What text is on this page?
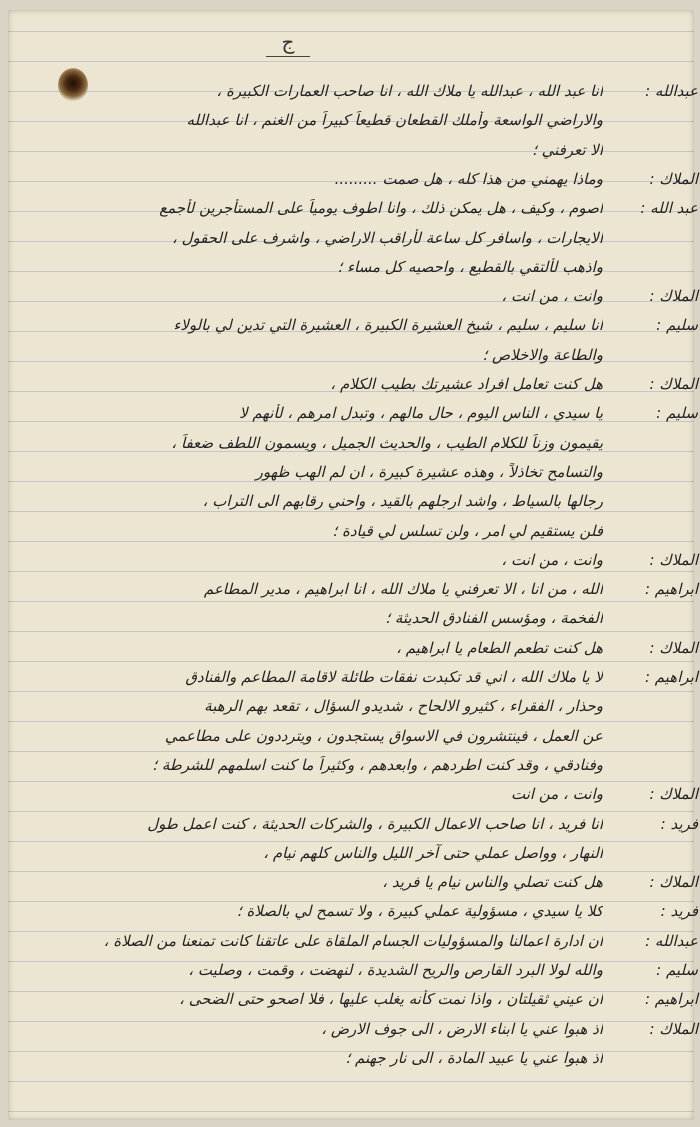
ج
عبدالله :
انا عبد الله ، عبدالله يا ملاك الله ، انا صاحب العمارات الكبيرة ،
والاراضي الواسعة وأملك القطعان قطيعاً كبيراً من الغنم ، انا عبدالله
الا تعرفني ؛
الملاك :
وماذا يهمني من هذا كله ، هل صمت .........
عبد الله :
اصوم ، وكيف ، هل يمكن ذلك ، وانا اطوف يومياً على المستأجرين لأجمع
الايجارات ، واسافر كل ساعة لأراقب الاراضي ، واشرف على الحقول ،
واذهب لألتقي بالقطيع ، واحصيه كل مساء ؛
الملاك :
وانت ، من انت ،
سليم :
انا سليم ، سليم ، شيخ العشيرة الكبيرة ، العشيرة التي تدين لي بالولاء
والطاعة والاخلاص ؛
الملاك :
هل كنت تعامل افراد عشيرتك بطيب الكلام ،
سليم :
يا سيدي ، الناس اليوم ، حال مالهم ، وتبدل امرهم ، لأنهم لا
يقيمون وزناً للكلام الطيب ، والحديث الجميل ، ويسمون اللطف ضعفاً ،
والتسامح تخاذلاً ، وهذه عشيرة كبيرة ، ان لم الهب ظهور
رجالها بالسياط ، واشد ارجلهم بالقيد ، واحني رقابهم الى التراب ،
فلن يستقيم لي امر ، ولن تسلس لي قيادة ؛
الملاك :
وانت ، من انت ،
ابراهيم :
الله ، من انا ، الا تعرفني يا ملاك الله ، انا ابراهيم ، مدير المطاعم
الفخمة ، ومؤسس الفنادق الحديثة ؛
الملاك :
هل كنت تطعم الطعام يا ابراهيم ،
ابراهيم :
لا يا ملاك الله ، اني قد تكبدت نفقات طائلة لاقامة المطاعم والفنادق
وحذار ، الفقراء ، كثيرو الالحاح ، شديدو السؤال ، تقعد بهم الرهبة
عن العمل ، فينتشرون في الاسواق يستجدون ، ويترددون على مطاعمي
وفنادقي ، وقد كنت اطردهم ، وابعدهم ، وكثيراً ما كنت اسلمهم للشرطة ؛
الملاك :
وانت ، من انت
فريد :
انا فريد ، انا صاحب الاعمال الكبيرة ، والشركات الحديثة ، كنت اعمل طول
النهار ، وواصل عملي حتى آخر الليل والناس كلهم نيام ،
الملاك :
هل كنت تصلي والناس نيام يا فريد ،
فريد :
كلا يا سيدي ، مسؤولية عملي كبيرة ، ولا تسمح لي بالصلاة ؛
عبدالله :
ان ادارة اعمالنا والمسؤوليات الجسام الملقاة على عاتقنا كانت تمنعنا من الصلاة ،
سليم :
والله لولا البرد القارص والريح الشديدة ، لنهضت ، وقمت ، وصليت ،
ابراهيم :
ان عيني ثقيلتان ، واذا نمت كأنه يغلب عليها ، فلا اصحو حتى الضحى ،
الملاك :
اذ هبوا عني يا ابناء الارض ، الى جوف الارض ،
اذ هبوا عني يا عبيد المادة ، الى نار جهنم ؛
